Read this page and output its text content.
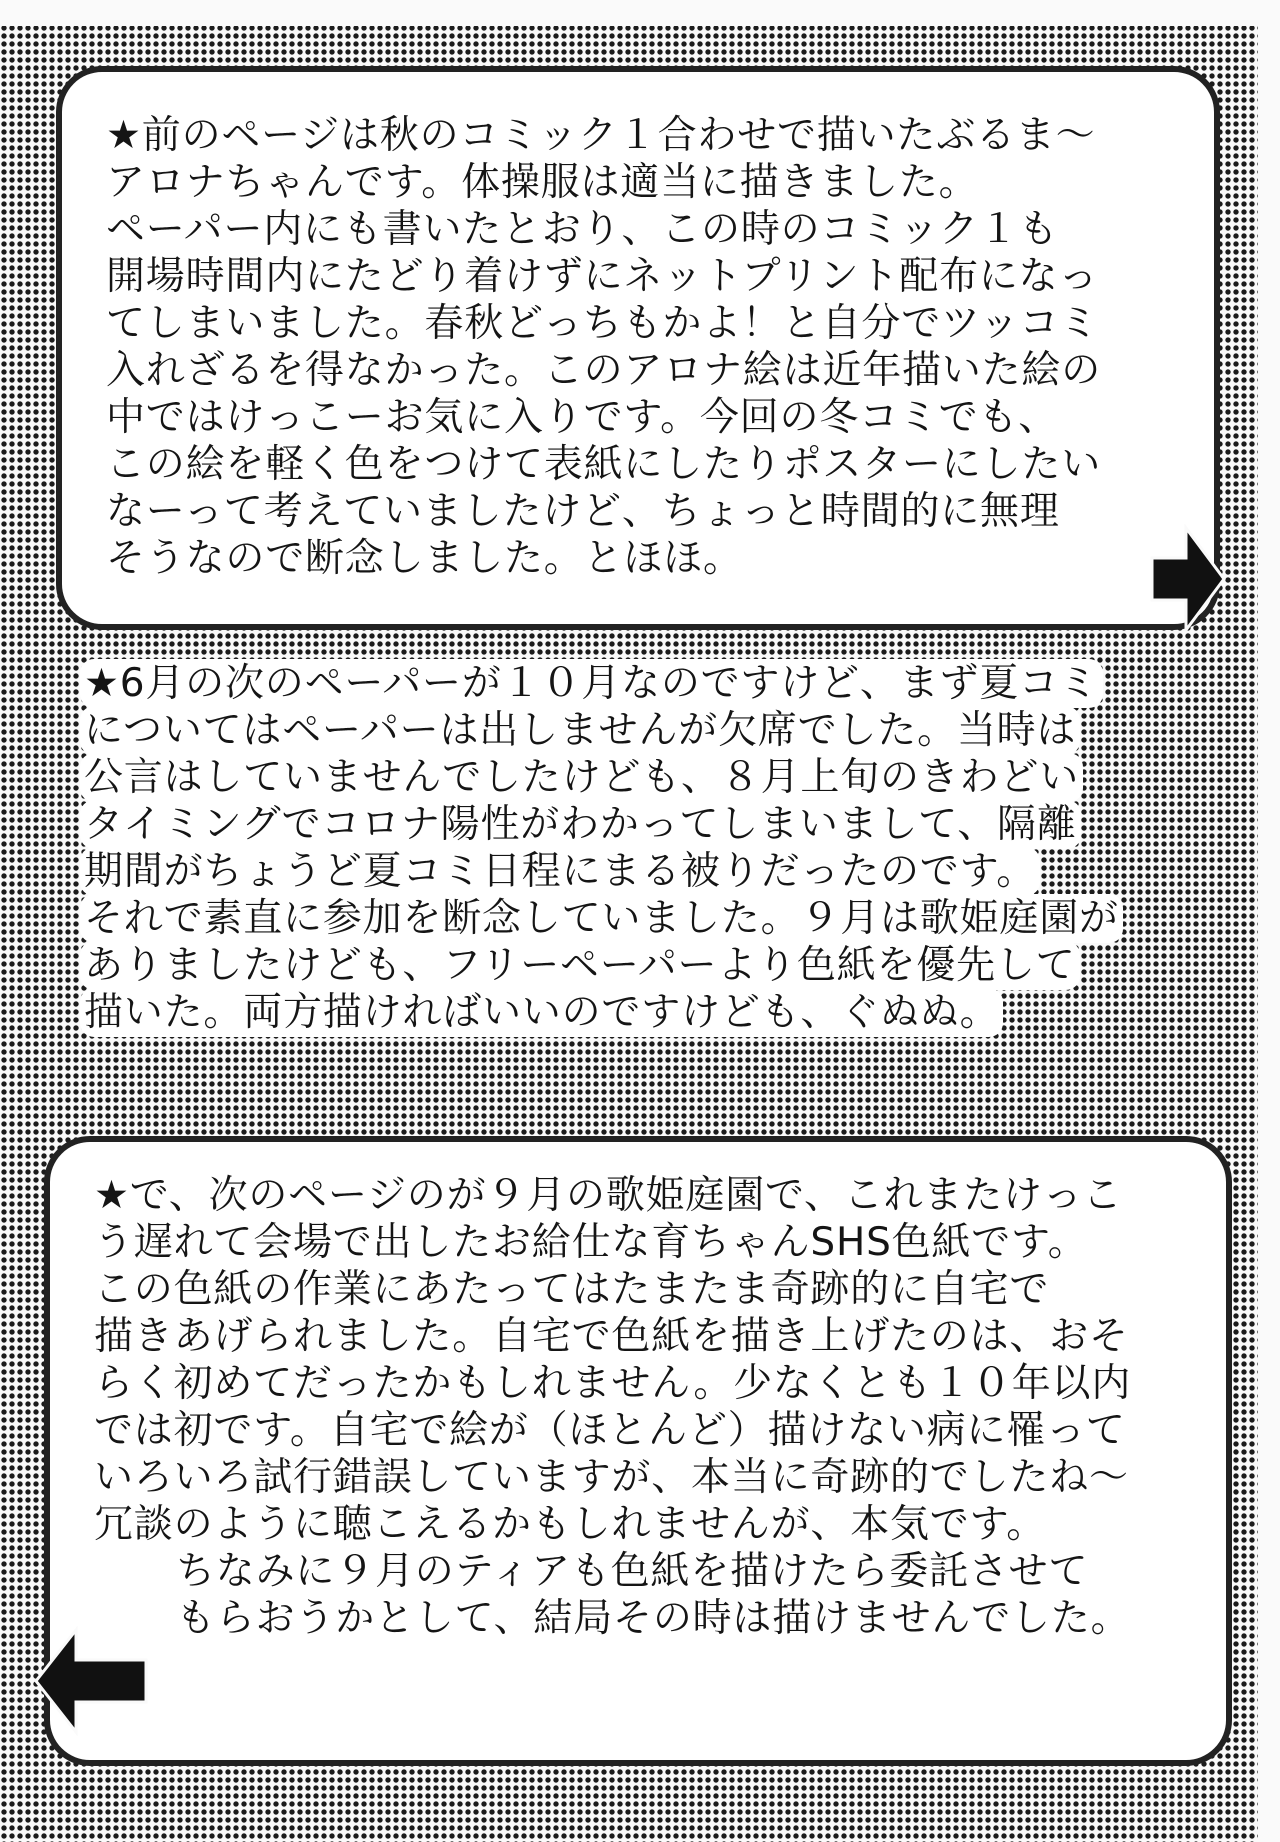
★前のページは秋のコミック１合わせで描いたぶるま～

アロナちゃんです。体操服は適当に描きました。

ペーパー内にも書いたとおり、この時のコミック１も

開場時間内にたどり着けずにネットプリント配布になっ

てしまいました。春秋どっちもかよ！と自分でツッコミ

入れざるを得なかった。このアロナ絵は近年描いた絵の

中ではけっこーお気に入りです。今回の冬コミでも、

この絵を軽く色をつけて表紙にしたりポスターにしたい

なーって考えていましたけど、ちょっと時間的に無理

そうなので断念しました。とほほ。

★6月の次のペーパーが１０月なのですけど、まず夏コミ

についてはペーパーは出しませんが欠席でした。当時は

公言はしていませんでしたけども、８月上旬のきわどい

タイミングでコロナ陽性がわかってしまいまして、隔離

期間がちょうど夏コミ日程にまる被りだったのです。

それで素直に参加を断念していました。９月は歌姫庭園が

ありましたけども、フリーペーパーより色紙を優先して

描いた。両方描ければいいのですけども、ぐぬぬ。

★で、次のページのが９月の歌姫庭園で、これまたけっこ

う遅れて会場で出したお給仕な育ちゃんSHS色紙です。

この色紙の作業にあたってはたまたま奇跡的に自宅で

描きあげられました。自宅で色紙を描き上げたのは、おそ

らく初めてだったかもしれません。少なくとも１０年以内

では初です。自宅で絵が（ほとんど）描けない病に罹って

いろいろ試行錯誤していますが、本当に奇跡的でしたね～

冗談のように聴こえるかもしれませんが、本気です。

ちなみに９月のティアも色紙を描けたら委託させて

もらおうかとして、結局その時は描けませんでした。
